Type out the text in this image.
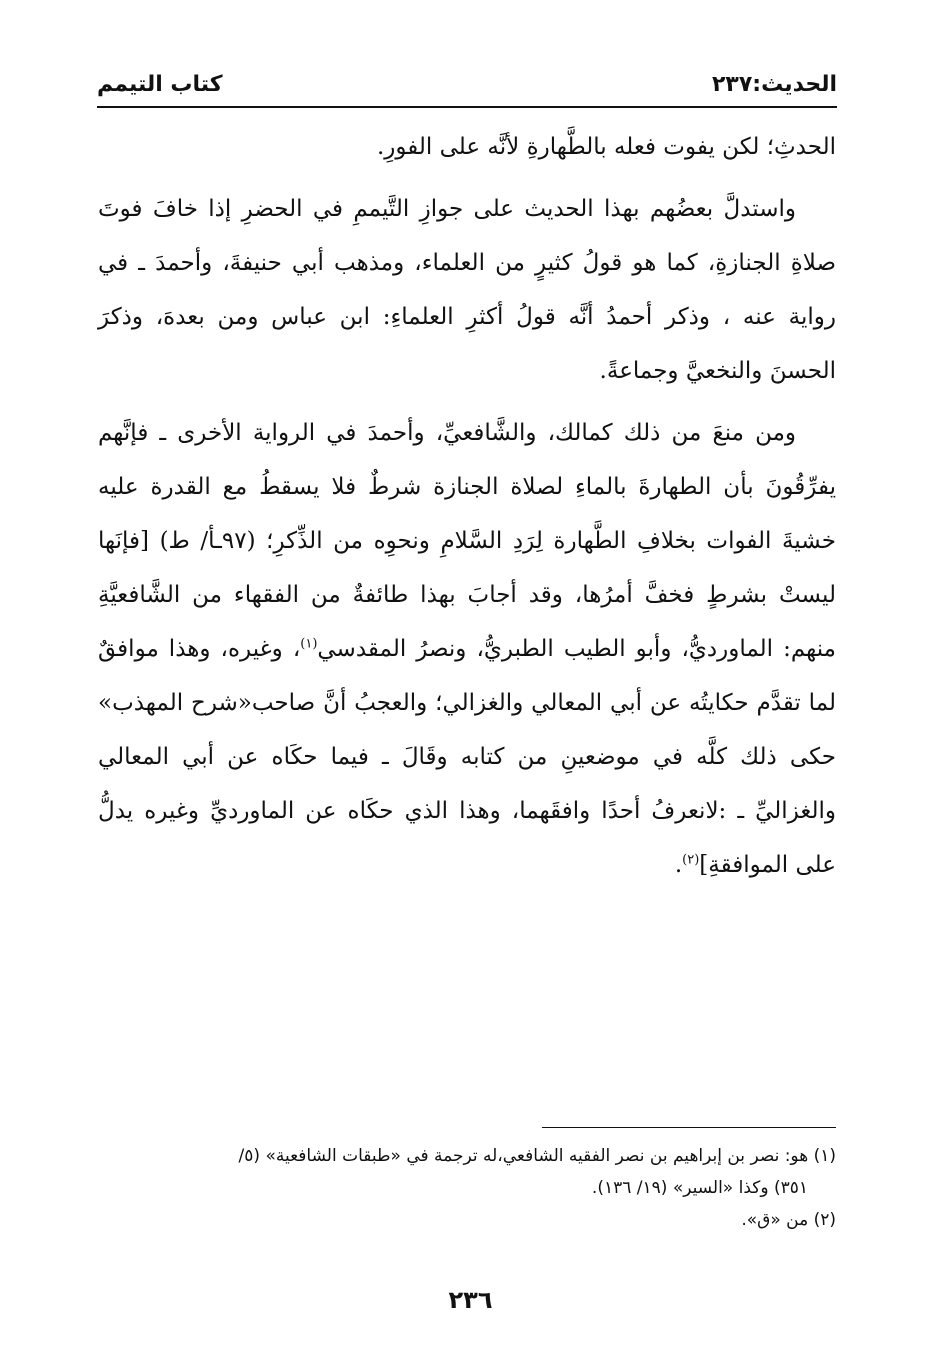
الحديث:٢٣٧
كتاب التيمم

الحدثِ؛ لكن يفوت فعله بالطَّهارةِ لأنَّه على الفورِ.

واستدلَّ بعضُهم بهذا الحديث على جوازِ التَّيممِ في الحضرِ إذا خافَ فوتَ صلاةِ الجنازةِ، كما هو قولُ كثيرٍ من العلماء، ومذهب أبي حنيفةَ، وأحمدَ ـ في رواية عنه ، وذكر أحمدُ أنَّه قولُ أكثرِ العلماءِ: ابن عباس ومن بعدهَ، وذكرَ الحسنَ والنخعيَّ وجماعةً.

ومن منعَ من ذلك كمالك، والشَّافعيِّ، وأحمدَ في الرواية الأخرى ـ فإنَّهم يفرِّقُونَ بأن الطهارةَ بالماءِ لصلاة الجنازة شرطٌ فلا يسقطُ مع القدرة عليه خشيةَ الفوات بخلافِ الطَّهارة لِرَدِ السَّلامِ ونحوِه من الذِّكرِ؛ (٩٧ـأ/ ط) [فإنَها ليستْ بشرطٍ فخفَّ أمرُها، وقد أجابَ بهذا طائفةٌ من الفقهاء من الشَّافعيَّةِ منهم: الماورديُّ، وأبو الطيب الطبريُّ، ونصرُ المقدسي$^{(١)}$، وغيره، وهذا موافقٌ لما تقدَّم حكايتُه عن أبي المعالي والغزالي؛ والعجبُ أنَّ صاحب«شرح المهذب» حكى ذلك كلَّه في موضعينِ من كتابه وقَالَ ـ فيما حكَاه عن أبي المعالي والغزاليِّ ـ :لانعرفُ أحدًا وافقَهما، وهذا الذي حكَاه عن الماورديِّ وغيره يدلُّ على الموافقةِ]$^{(٢)}$.

(١) هو: نصر بن إبراهيم بن نصر الفقيه الشافعي،له ترجمة في «طبقات الشافعية» (٥/

٣٥١) وكذا «السير» (١٩/ ١٣٦).

(٢) من «ق».

٢٣٦
